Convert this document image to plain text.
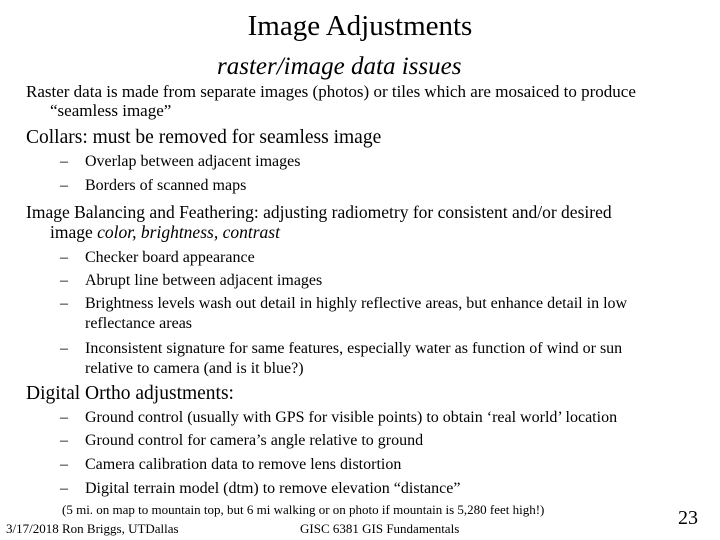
Image Adjustments
raster/image data issues
Raster data is made from separate images (photos) or tiles which are mosaiced to produce
“seamless image”
Collars: must be removed for seamless image
– Overlap between adjacent images
– Borders of scanned maps
Image Balancing and Feathering: adjusting radiometry for consistent and/or desired
image color, brightness, contrast
– Checker board appearance
– Abrupt line between adjacent images
– Brightness levels wash out detail in highly reflective areas, but enhance detail in low
reflectance areas
– Inconsistent signature for same features, especially water as function of wind or sun
relative to camera (and is it blue?)
Digital Ortho adjustments:
– Ground control (usually with GPS for visible points) to obtain ‘real world’ location
– Ground control for camera’s angle relative to ground
– Camera calibration data to remove lens distortion
– Digital terrain model (dtm) to remove elevation “distance”
(5 mi. on map to mountain top, but 6 mi walking or on photo if mountain is 5,280 feet high!)
3/17/2018 Ron Briggs, UTDallas	GISC 6381 GIS Fundamentals	23
